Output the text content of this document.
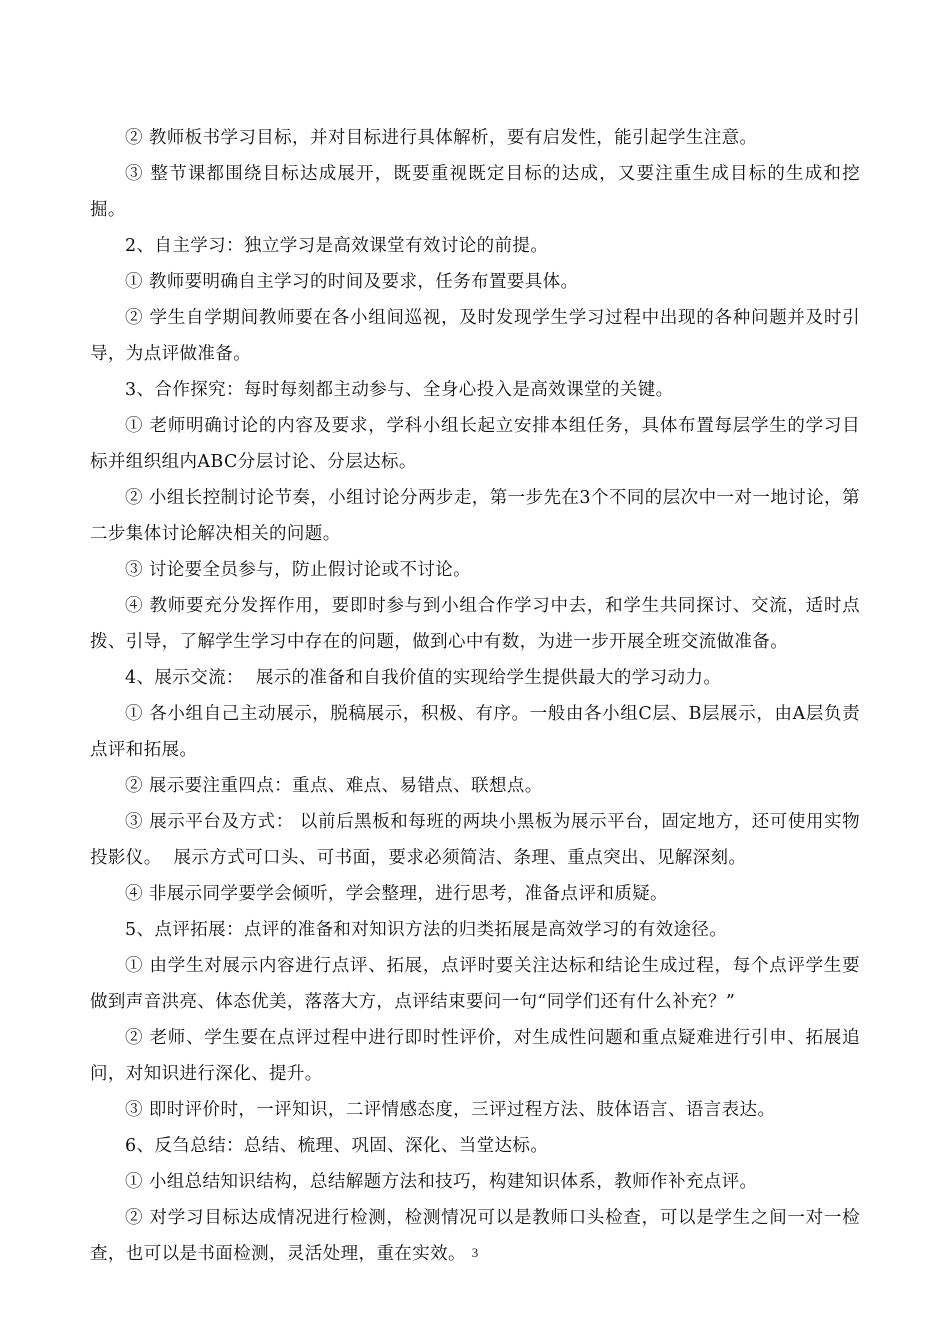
② 教师板书学习目标，并对目标进行具体解析，要有启发性，能引起学生注意。

③ 整节课都围绕目标达成展开，既要重视既定目标的达成，又要注重生成目标的生成和挖掘。

2、自主学习：独立学习是高效课堂有效讨论的前提。

① 教师要明确自主学习的时间及要求，任务布置要具体。

② 学生自学期间教师要在各小组间巡视，及时发现学生学习过程中出现的各种问题并及时引导，为点评做准备。

3、合作探究：每时每刻都主动参与、全身心投入是高效课堂的关键。

① 老师明确讨论的内容及要求，学科小组长起立安排本组任务，具体布置每层学生的学习目标并组织组内ABC分层讨论、分层达标。

② 小组长控制讨论节奏，小组讨论分两步走，第一步先在3个不同的层次中一对一地讨论，第二步集体讨论解决相关的问题。

③ 讨论要全员参与，防止假讨论或不讨论。

④ 教师要充分发挥作用，要即时参与到小组合作学习中去，和学生共同探讨、交流，适时点拨、引导，了解学生学习中存在的问题，做到心中有数，为进一步开展全班交流做准备。

4、展示交流：  展示的准备和自我价值的实现给学生提供最大的学习动力。

① 各小组自己主动展示，脱稿展示，积极、有序。一般由各小组C层、B层展示，由A层负责点评和拓展。

② 展示要注重四点：重点、难点、易错点、联想点。

③ 展示平台及方式： 以前后黑板和每班的两块小黑板为展示平台，固定地方，还可使用实物投影仪。  展示方式可口头、可书面，要求必须简洁、条理、重点突出、见解深刻。

④ 非展示同学要学会倾听，学会整理，进行思考，准备点评和质疑。

5、点评拓展：点评的准备和对知识方法的归类拓展是高效学习的有效途径。

① 由学生对展示内容进行点评、拓展，点评时要关注达标和结论生成过程，每个点评学生要做到声音洪亮、体态优美，落落大方，点评结束要问一句“同学们还有什么补充？”

② 老师、学生要在点评过程中进行即时性评价，对生成性问题和重点疑难进行引申、拓展追问，对知识进行深化、提升。

③ 即时评价时，一评知识，二评情感态度，三评过程方法、肢体语言、语言表达。

6、反刍总结：总结、梳理、巩固、深化、当堂达标。

① 小组总结知识结构，总结解题方法和技巧，构建知识体系，教师作补充点评。

② 对学习目标达成情况进行检测，检测情况可以是教师口头检查，可以是学生之间一对一检查，也可以是书面检测，灵活处理，重在实效。 3
